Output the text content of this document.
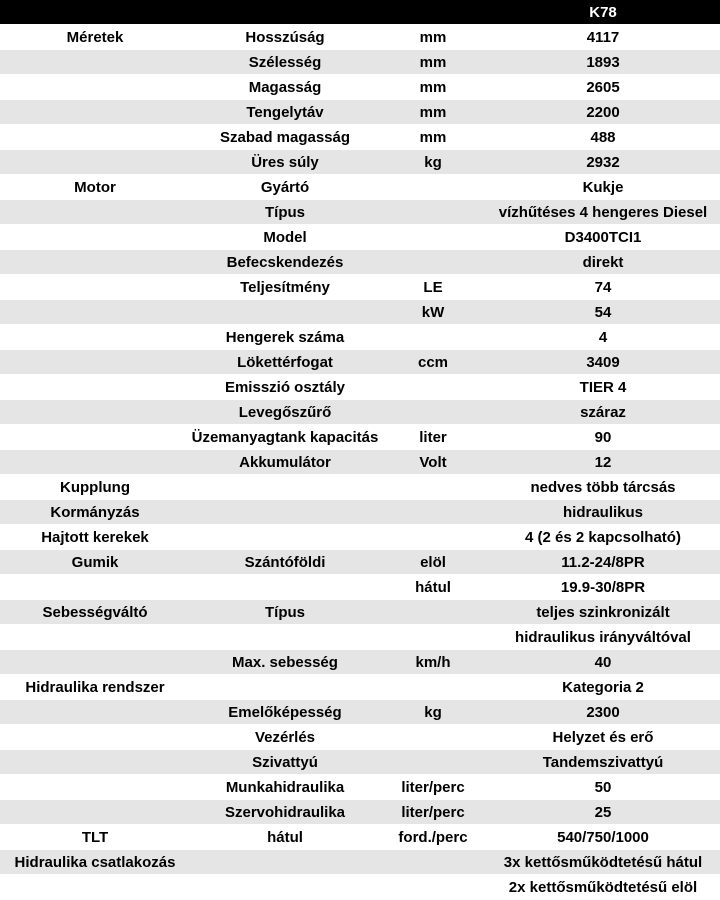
			K78
Méretek	Hosszúság	mm	4117
	Szélesség	mm	1893
	Magasság	mm	2605
	Tengelytáv	mm	2200
	Szabad magasság	mm	488
	Üres súly	kg	2932
Motor	Gyártó		Kukje
	Típus		vízhűtéses 4 hengeres Diesel
	Model		D3400TCI1
	Befecskendezés		direkt
	Teljesítmény	LE	74
		kW	54
	Hengerek száma		4
	Lökettérfogat	ccm	3409
	Emisszió osztály		TIER 4
	Levegőszűrő		száraz
	Üzemanyagtank kapacitás	liter	90
	Akkumulátor	Volt	12
Kupplung			nedves több tárcsás
Kormányzás			hidraulikus
Hajtott kerekek			4 (2 és 2 kapcsolható)
Gumik	Szántóföldi	elöl	11.2-24/8PR
		hátul	19.9-30/8PR
Sebességváltó	Típus		teljes szinkronizált
			hidraulikus irányváltóval
	Max. sebesség	km/h	40
Hidraulika rendszer			Kategoria 2
	Emelőképesség	kg	2300
	Vezérlés		Helyzet és erő
	Szivattyú		Tandemszivattyú
	Munkahidraulika	liter/perc	50
	Szervohidraulika	liter/perc	25
TLT	hátul	ford./perc	540/750/1000
Hidraulika csatlakozás			3x kettősműködtetésű hátul
			2x kettősműködtetésű elöl
